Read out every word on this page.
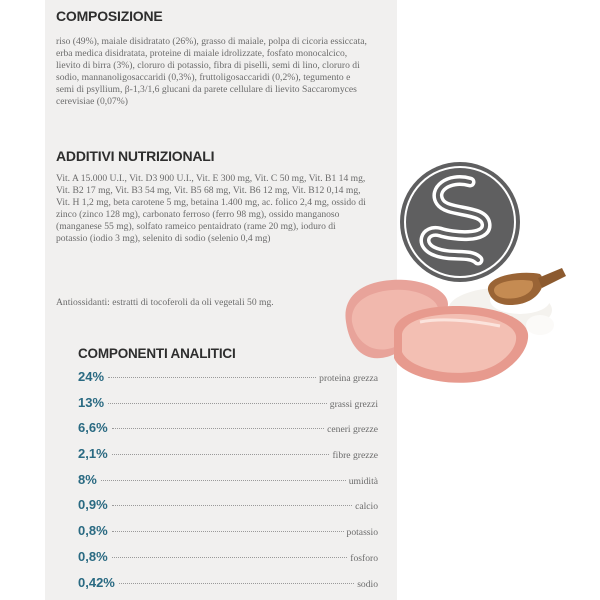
COMPOSIZIONE

riso (49%), maiale disidratato (26%), grasso di maiale, polpa di cicoria essiccata, erba medica disidratata, proteine di maiale idrolizzate, fosfato monocalcico, lievito di birra (3%), cloruro di potassio, fibra di piselli, semi di lino, cloruro di sodio, mannanoligosaccaridi (0,3%), fruttoligosaccaridi (0,2%), tegumento e semi di psyllium, β-1,3/1,6 glucani da parete cellulare di lievito Saccaromyces cerevisiae (0,07%)

ADDITIVI NUTRIZIONALI

Vit. A 15.000 U.I., Vit. D3 900 U.I., Vit. E 300 mg, Vit. C 50 mg, Vit. B1 14 mg, Vit. B2 17 mg, Vit. B3 54 mg, Vit. B5 68 mg, Vit. B6 12 mg, Vit. B12 0,14 mg, Vit. H 1,2 mg, beta carotene 5 mg, betaina 1.400 mg, ac. folico 2,4 mg, ossido di zinco (zinco 128 mg), carbonato ferroso (ferro 98 mg), ossido manganoso (manganese 55 mg), solfato rameico pentaidrato (rame 20 mg), ioduro di potassio (iodio 3 mg), selenito di sodio (selenio 0,4 mg)

Antiossidanti: estratti di tocoferoli da oli vegetali 50 mg.

COMPONENTI ANALITICI
24%	proteina grezza
13%	grassi grezzi
6,6%	ceneri grezze
2,1%	fibre grezze
8%	umidità
0,9%	calcio
0,8%	potassio
0,8%	fosforo
0,42%	sodio
